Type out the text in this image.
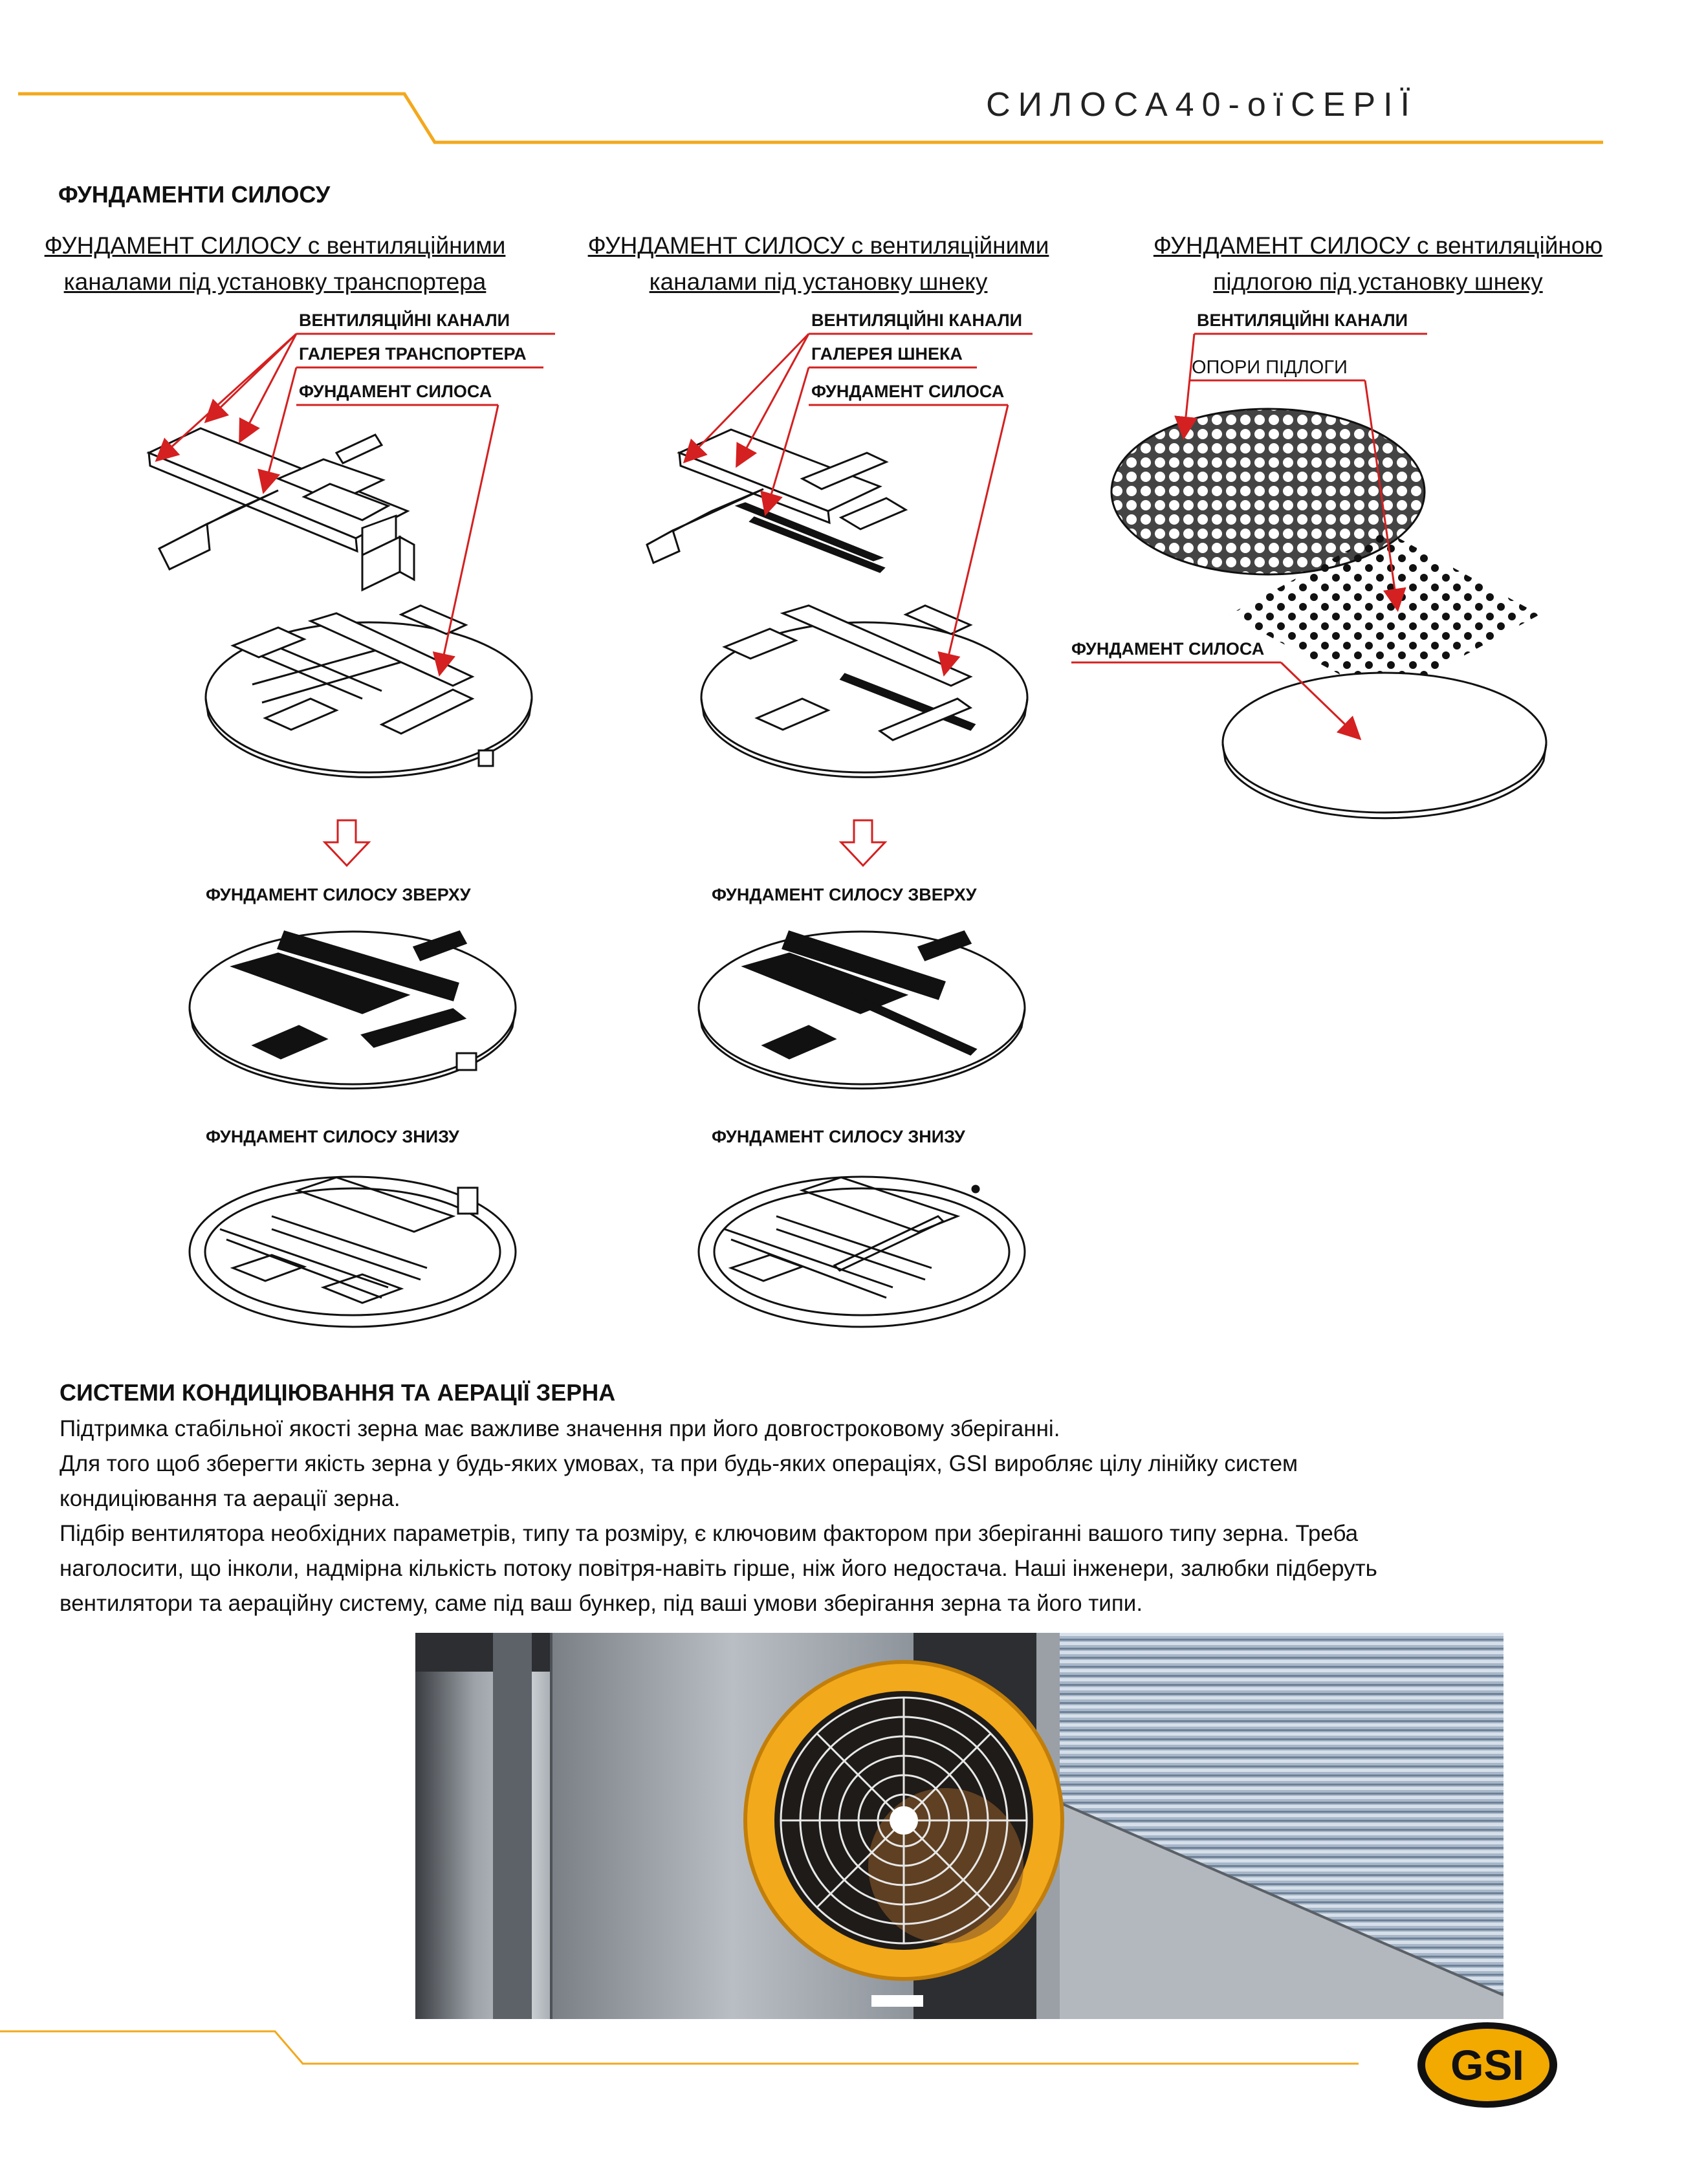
СИЛОСА40-оїСЕРІЇ
ФУНДАМЕНТИ СИЛОСУ
ФУНДАМЕНТ СИЛОСУ с вентиляційними
каналами під установку транспортера
ФУНДАМЕНТ СИЛОСУ с вентиляційними
каналами під установку шнеку
ФУНДАМЕНТ СИЛОСУ с вентиляційною
підлогою під установку шнеку
ВЕНТИЛЯЦІЙНІ КАНАЛИ
ГАЛЕРЕЯ ТРАНСПОРТЕРА
ФУНДАМЕНТ СИЛОСА
ВЕНТИЛЯЦІЙНІ КАНАЛИ
ГАЛЕРЕЯ ШНЕКА
ФУНДАМЕНТ СИЛОСА
ВЕНТИЛЯЦІЙНІ КАНАЛИ
ОПОРИ ПІДЛОГИ
ФУНДАМЕНТ СИЛОСА
ФУНДАМЕНТ СИЛОСУ ЗВЕРХУ
ФУНДАМЕНТ СИЛОСУ ЗНИЗУ
ФУНДАМЕНТ СИЛОСУ ЗВЕРХУ
ФУНДАМЕНТ СИЛОСУ ЗНИЗУ
СИСТЕМИ КОНДИЦІЮВАННЯ ТА АЕРАЦІЇ ЗЕРНА
Підтримка стабільної якості зерна має важливе значення при його довгостроковому зберіганні.
Для того щоб зберегти якість зерна у будь-яких умовах, та при будь-яких операціях, GSI виробляє цілу лінійку систем
кондиціювання та аерації зерна.
Підбір вентилятора необхідних параметрів, типу та розміру, є ключовим фактором при зберіганні вашого типу зерна. Треба
наголосити, що інколи, надмірна кількість потоку повітря-навіть гірше, ніж його недостача. Наші інженери, залюбки підберуть
вентилятори та аераційну систему, саме під ваш бункер, під ваші умови зберігання зерна та його типи.
GSI
